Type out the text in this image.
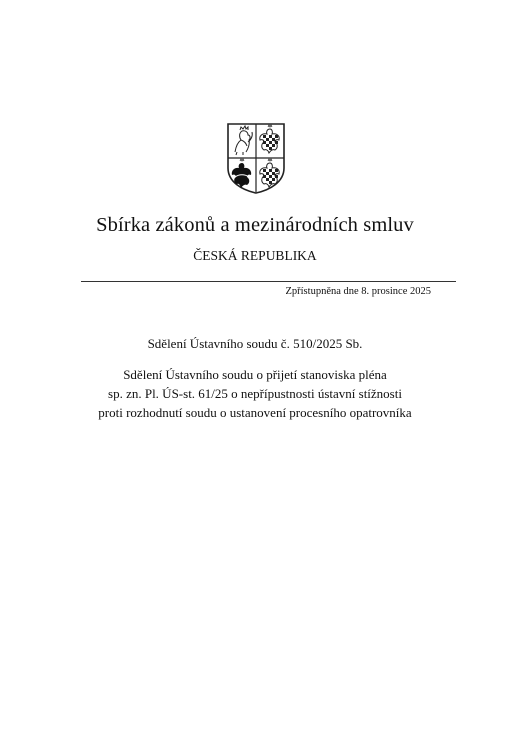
Sbírka zákonů a mezinárodních smluv
ČESKÁ REPUBLIKA
Zpřístupněna dne 8. prosince 2025
Sdělení Ústavního soudu č. 510/2025 Sb.
Sdělení Ústavního soudu o přijetí stanoviska pléna
sp. zn. Pl. ÚS-st. 61/25 o nepřípustnosti ústavní stížnosti
proti rozhodnutí soudu o ustanovení procesního opatrovníka
